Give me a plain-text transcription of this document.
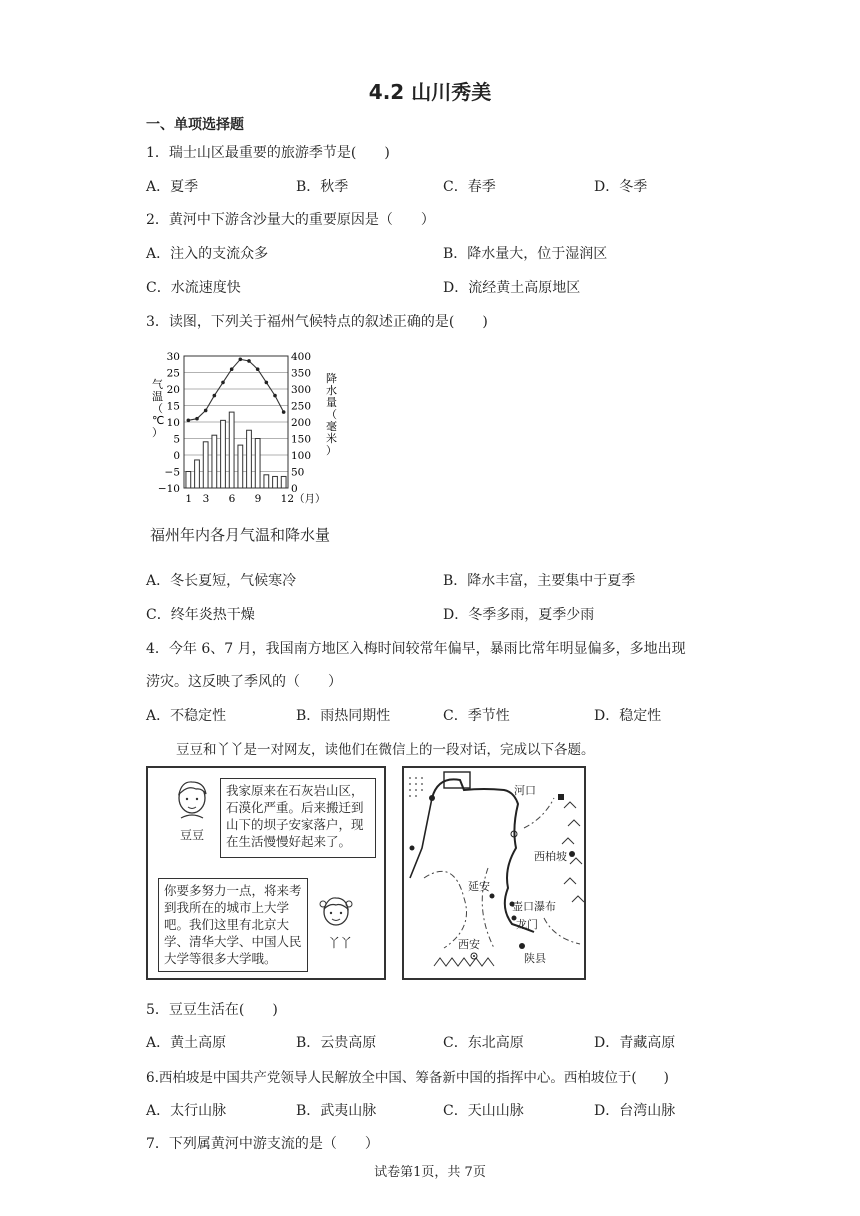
4.2 山川秀美
一、单项选择题
1．瑞士山区最重要的旅游季节是(　　)
A．夏季	B．秋季	C．春季	D．冬季
2．黄河中下游含沙量大的重要原因是（　　）
A．注入的支流众多	B．降水量大，位于湿润区
C．水流速度快	D．流经黄土高原地区
3．读图，下列关于福州气候特点的叙述正确的是(　　)
气温（℃）
降水量（毫米）
30	400
25	350
20	300
15	250
10	200
5	150
0	100
−5	50
−10	0
1 3 6 9 12（月）
福州年内各月气温和降水量
A．冬长夏短，气候寒冷	B．降水丰富，主要集中于夏季
C．终年炎热干燥	D．冬季多雨，夏季少雨
4．今年 6、7 月，我国南方地区入梅时间较常年偏早，暴雨比常年明显偏多，多地出现
涝灾。这反映了季风的（　　）
A．不稳定性	B．雨热同期性	C．季节性	D．稳定性
豆豆和丫丫是一对网友，读他们在微信上的一段对话，完成以下各题。
豆豆
我家原来在石灰岩山区，石漠化严重。后来搬迁到山下的坝子安家落户，现在生活慢慢好起来了。
你要多努力一点，将来考到我所在的城市上大学吧。我们这里有北京大学、清华大学、中国人民大学等很多大学哦。
丫丫
河口
西柏坡
延安
壶口瀑布
龙门
西安
陕县
5．豆豆生活在(　　)
A．黄土高原	B．云贵高原	C．东北高原	D．青藏高原
6.西柏坡是中国共产党领导人民解放全中国、筹备新中国的指挥中心。西柏坡位于(　　)
A．太行山脉	B．武夷山脉	C．天山山脉	D．台湾山脉
7．下列属黄河中游支流的是（　　）
试卷第1页，共 7页
